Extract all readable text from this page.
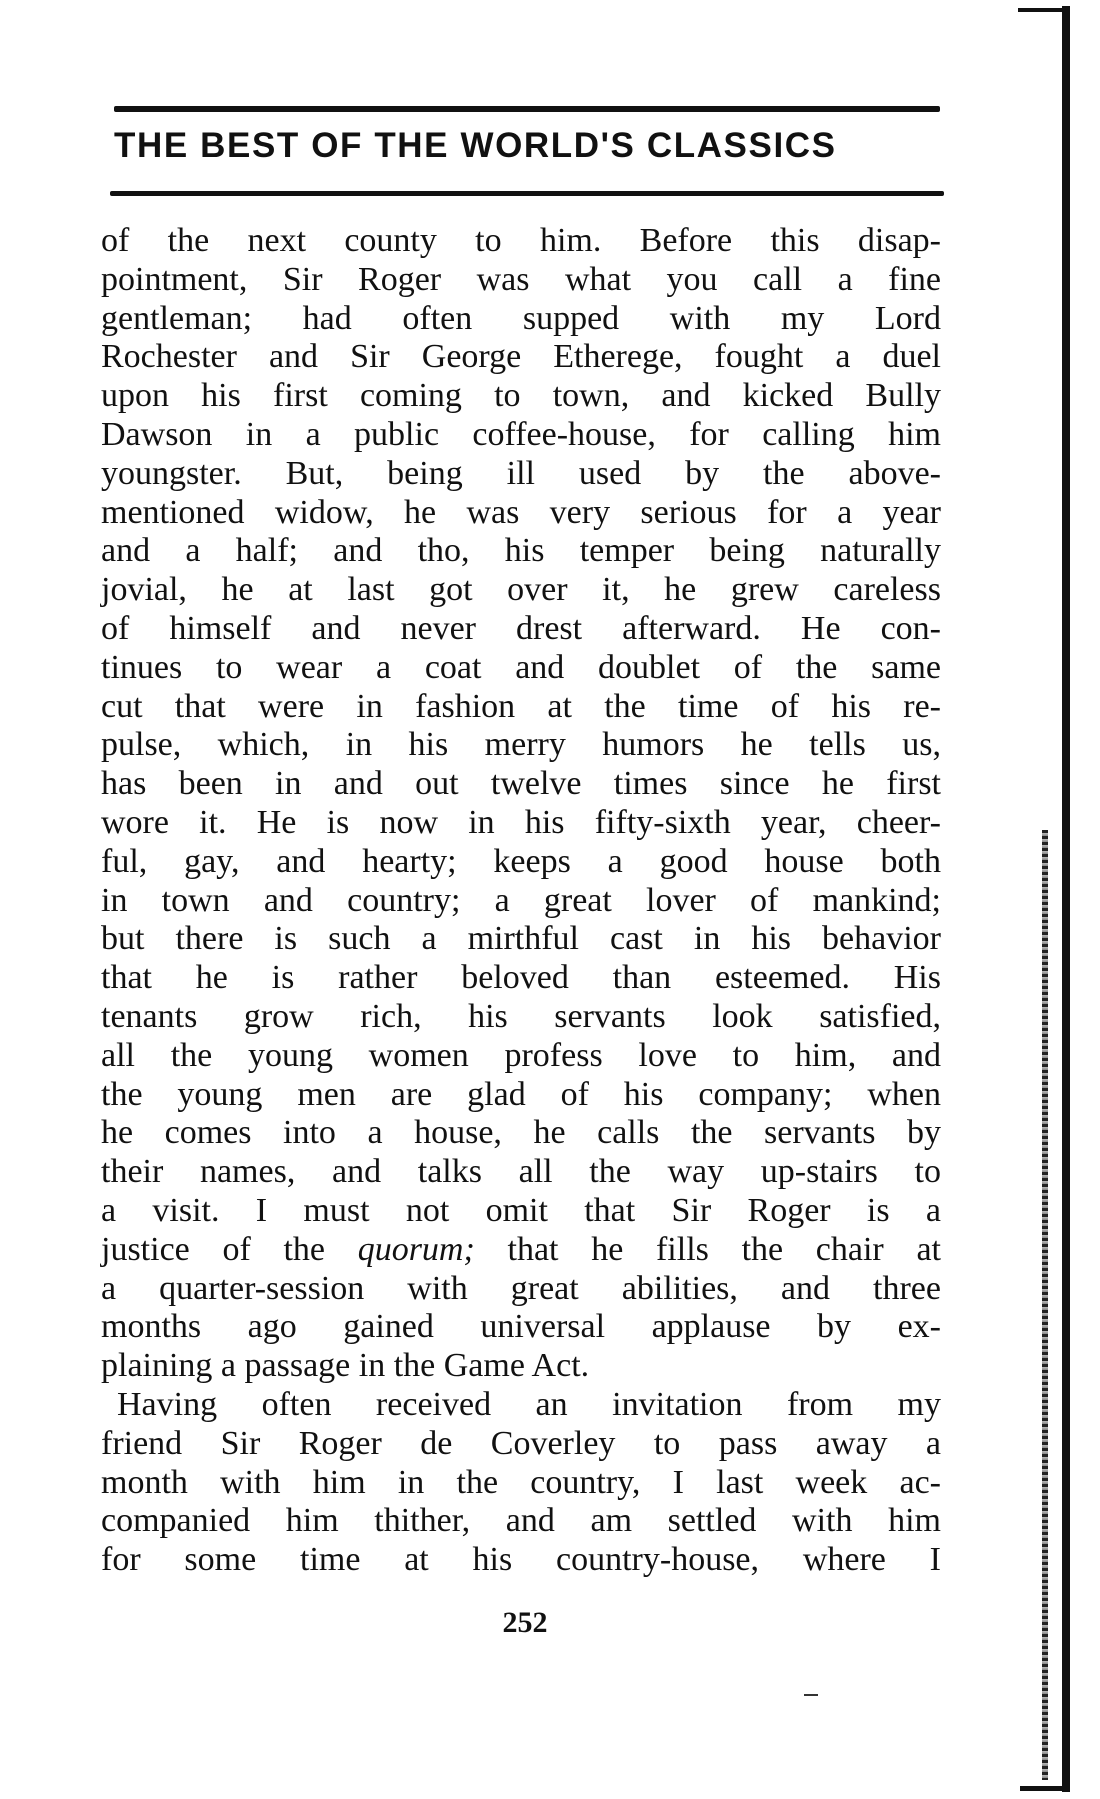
THE BEST OF THE WORLD'S CLASSICS
of the next county to him. Before this disap-
pointment, Sir Roger was what you call a fine
gentleman; had often supped with my Lord
Rochester and Sir George Etherege, fought a duel
upon his first coming to town, and kicked Bully
Dawson in a public coffee-house, for calling him
youngster. But, being ill used by the above-
mentioned widow, he was very serious for a year
and a half; and tho, his temper being naturally
jovial, he at last got over it, he grew careless
of himself and never drest afterward. He con-
tinues to wear a coat and doublet of the same
cut that were in fashion at the time of his re-
pulse, which, in his merry humors he tells us,
has been in and out twelve times since he first
wore it. He is now in his fifty-sixth year, cheer-
ful, gay, and hearty; keeps a good house both
in town and country; a great lover of mankind;
but there is such a mirthful cast in his behavior
that he is rather beloved than esteemed. His
tenants grow rich, his servants look satisfied,
all the young women profess love to him, and
the young men are glad of his company; when
he comes into a house, he calls the servants by
their names, and talks all the way up-stairs to
a visit. I must not omit that Sir Roger is a
justice of the quorum; that he fills the chair at
a quarter-session with great abilities, and three
months ago gained universal applause by ex-
plaining a passage in the Game Act.
Having often received an invitation from my
friend Sir Roger de Coverley to pass away a
month with him in the country, I last week ac-
companied him thither, and am settled with him
for some time at his country-house, where I
252
